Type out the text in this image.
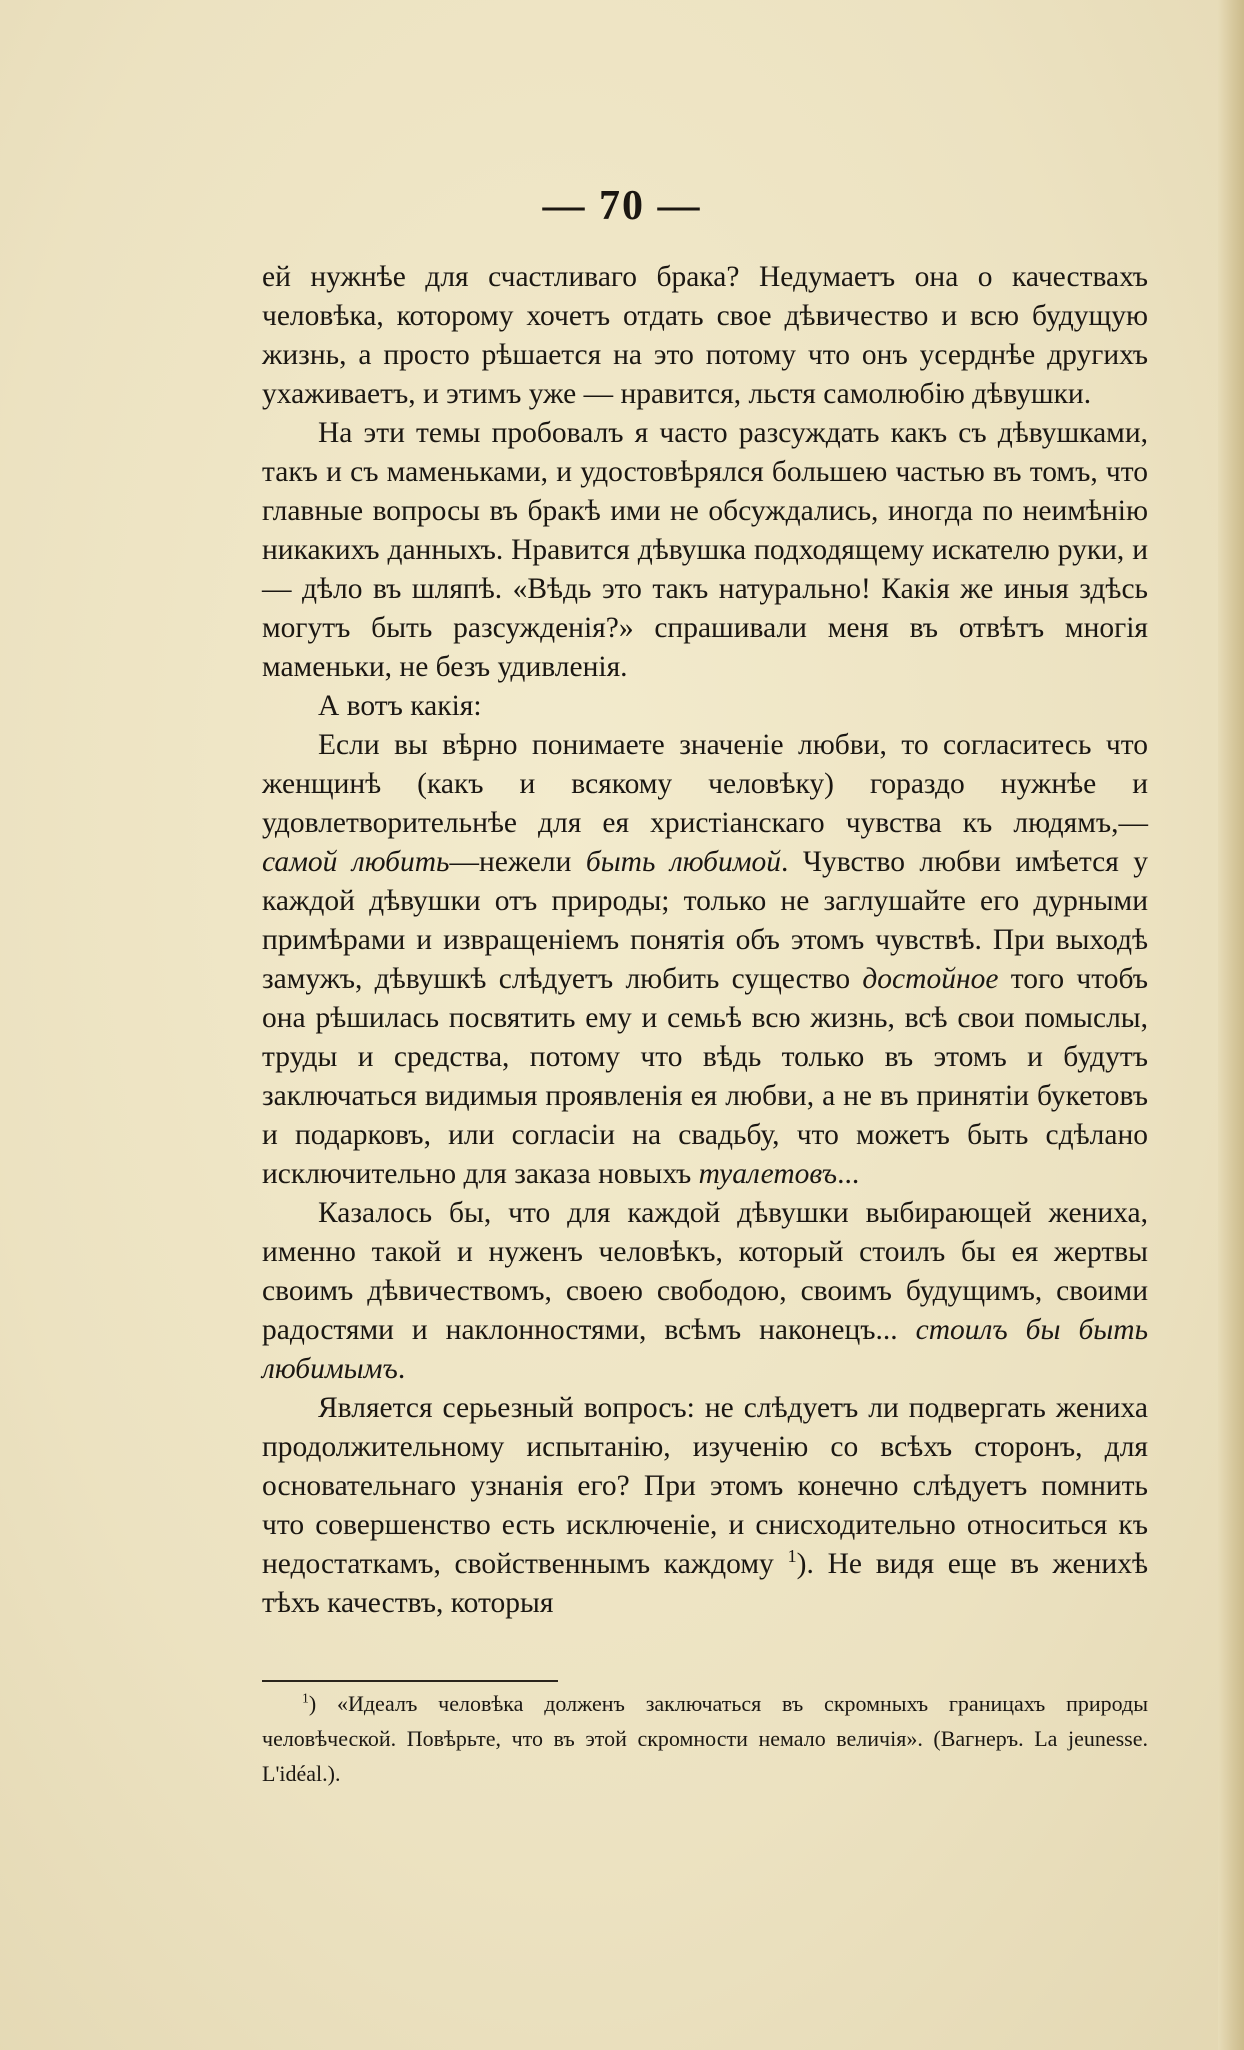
— 70 —

ей нужнѣе для счастливаго брака? Недумаетъ она о качествахъ человѣка, которому хочетъ отдать свое дѣвичество и всю будущую жизнь, а просто рѣшается на это потому что онъ усерднѣе другихъ ухаживаетъ, и этимъ уже — нравится, льстя самолюбію дѣвушки.

На эти темы пробовалъ я часто разсуждать какъ съ дѣвушками, такъ и съ маменьками, и удостовѣрялся большею частью въ томъ, что главные вопросы въ бракѣ ими не обсуждались, иногда по неимѣнію никакихъ данныхъ. Нравится дѣвушка подходящему искателю руки, и — дѣло въ шляпѣ. «Вѣдь это такъ натурально! Какія же иныя здѣсь могутъ быть разсужденія?» спрашивали меня въ отвѣтъ многія маменьки, не безъ удивленія.

А вотъ какія:

Если вы вѣрно понимаете значеніе любви, то согласитесь что женщинѣ (какъ и всякому человѣку) гораздо нужнѣе и удовлетворительнѣе для ея христіанскаго чувства къ людямъ,— самой любить—нежели быть любимой. Чувство любви имѣется у каждой дѣвушки отъ природы; только не заглушайте его дурными примѣрами и извращеніемъ понятія объ этомъ чувствѣ. При выходѣ замужъ, дѣвушкѣ слѣдуетъ любить существо достойное того чтобъ она рѣшилась посвятить ему и семьѣ всю жизнь, всѣ свои помыслы, труды и средства, потому что вѣдь только въ этомъ и будутъ заключаться видимыя проявленія ея любви, а не въ принятіи букетовъ и подарковъ, или согласіи на свадьбу, что можетъ быть сдѣлано исключительно для заказа новыхъ туалетовъ...

Казалось бы, что для каждой дѣвушки выбирающей жениха, именно такой и нуженъ человѣкъ, который стоилъ бы ея жертвы своимъ дѣвичествомъ, своею свободою, своимъ будущимъ, своими радостями и наклонностями, всѣмъ наконецъ... стоилъ бы быть любимымъ.

Является серьезный вопросъ: не слѣдуетъ ли подвергать жениха продолжительному испытанію, изученію со всѣхъ сторонъ, для основательнаго узнанія его? При этомъ конечно слѣдуетъ помнить что совершенство есть исключеніе, и снисходительно относиться къ недостаткамъ, свойственнымъ каждому $^1$). Не видя еще въ женихѣ тѣхъ качествъ, которыя

$^1$) «Идеалъ человѣка долженъ заключаться въ скромныхъ границахъ природы человѣческой. Повѣрьте, что въ этой скромности немало величія». (Вагнеръ. La jeunesse. L'idéal.).
